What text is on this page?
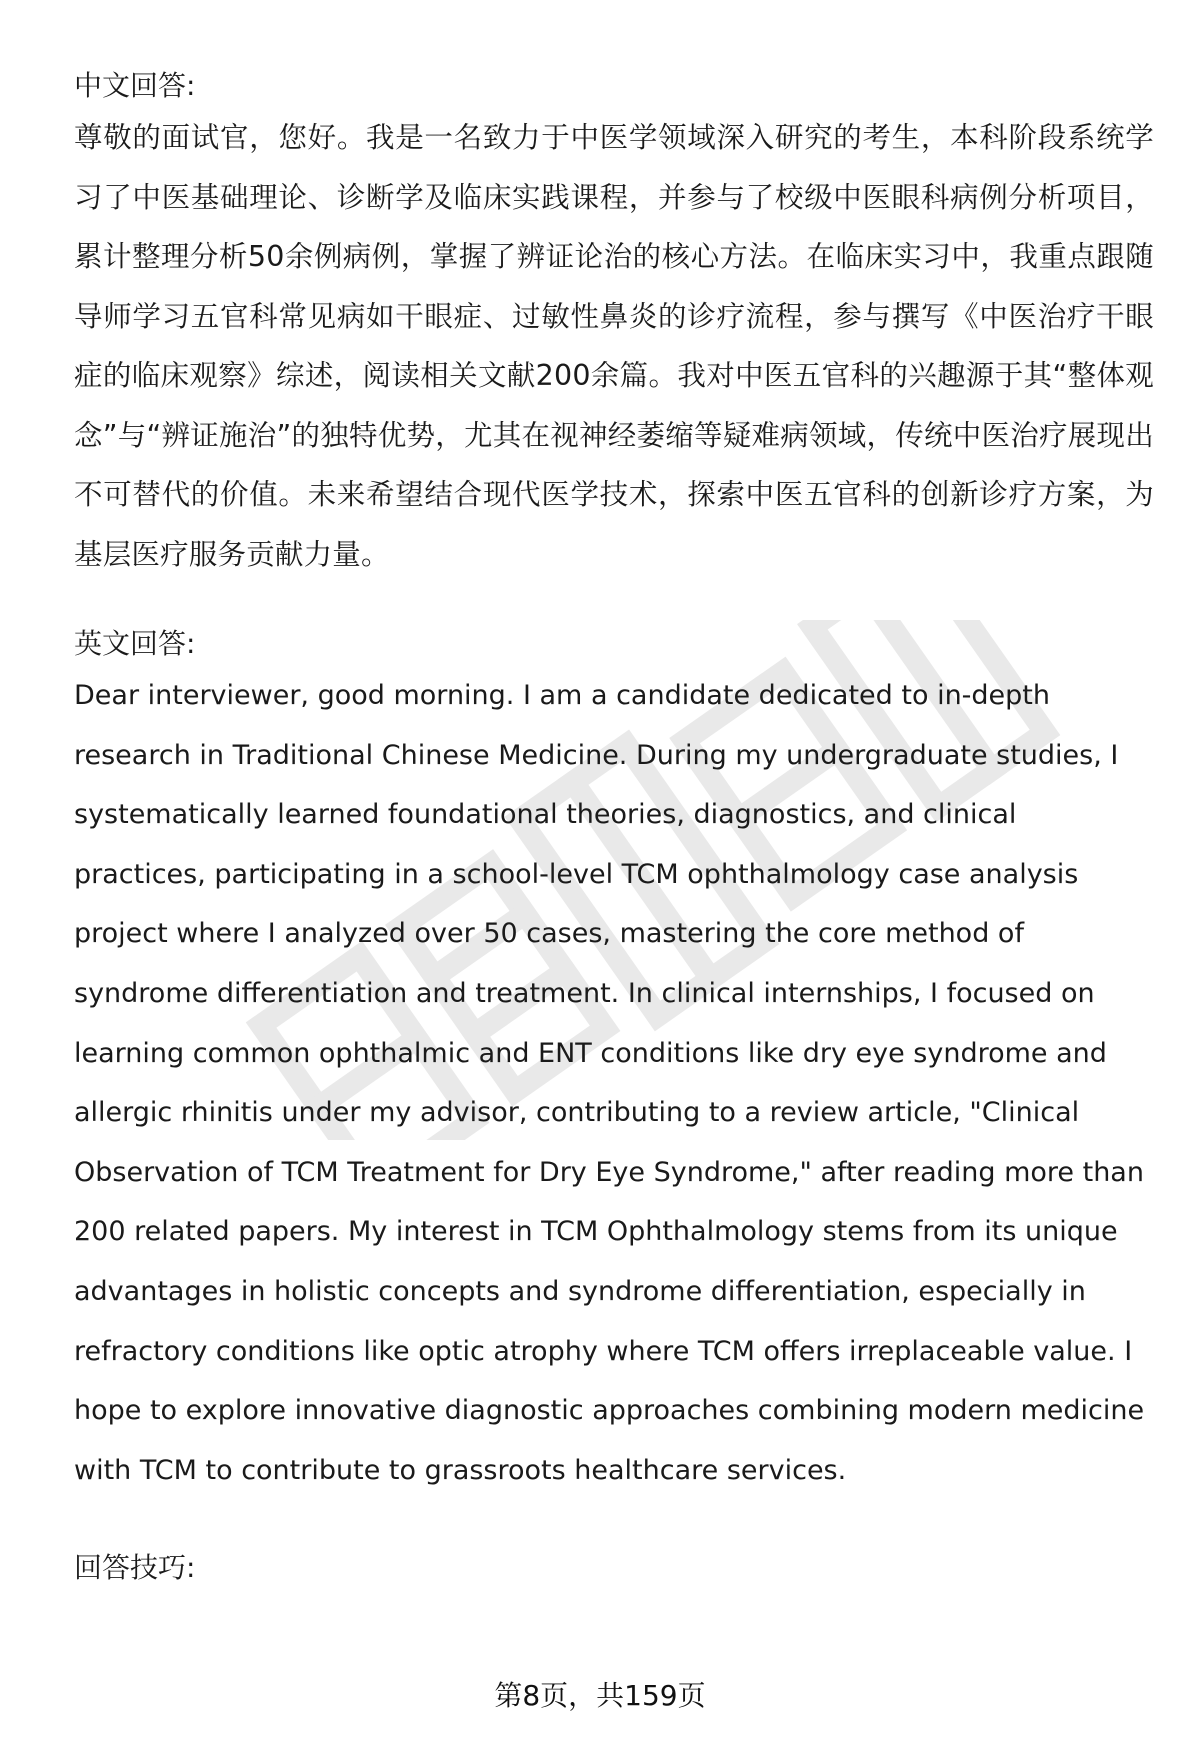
中文回答:

尊敬的面试官，您好。我是一名致力于中医学领域深入研究的考生，本科阶段系统学习了中医基础理论、诊断学及临床实践课程，并参与了校级中医眼科病例分析项目，累计整理分析50余例病例，掌握了辨证论治的核心方法。在临床实习中，我重点跟随导师学习五官科常见病如干眼症、过敏性鼻炎的诊疗流程，参与撰写《中医治疗干眼症的临床观察》综述，阅读相关文献200余篇。我对中医五官科的兴趣源于其“整体观念”与“辨证施治”的独特优势，尤其在视神经萎缩等疑难病领域，传统中医治疗展现出不可替代的价值。未来希望结合现代医学技术，探索中医五官科的创新诊疗方案，为基层医疗服务贡献力量。

英文回答:

Dear interviewer, good morning. I am a candidate dedicated to in-depth research in Traditional Chinese Medicine. During my undergraduate studies, I systematically learned foundational theories, diagnostics, and clinical practices, participating in a school-level TCM ophthalmology case analysis project where I analyzed over 50 cases, mastering the core method of syndrome differentiation and treatment. In clinical internships, I focused on learning common ophthalmic and ENT conditions like dry eye syndrome and allergic rhinitis under my advisor, contributing to a review article, "Clinical Observation of TCM Treatment for Dry Eye Syndrome," after reading more than 200 related papers. My interest in TCM Ophthalmology stems from its unique advantages in holistic concepts and syndrome differentiation, especially in refractory conditions like optic atrophy where TCM offers irreplaceable value. I hope to explore innovative diagnostic approaches combining modern medicine with TCM to contribute to grassroots healthcare services.

回答技巧:

第8页，共159页
